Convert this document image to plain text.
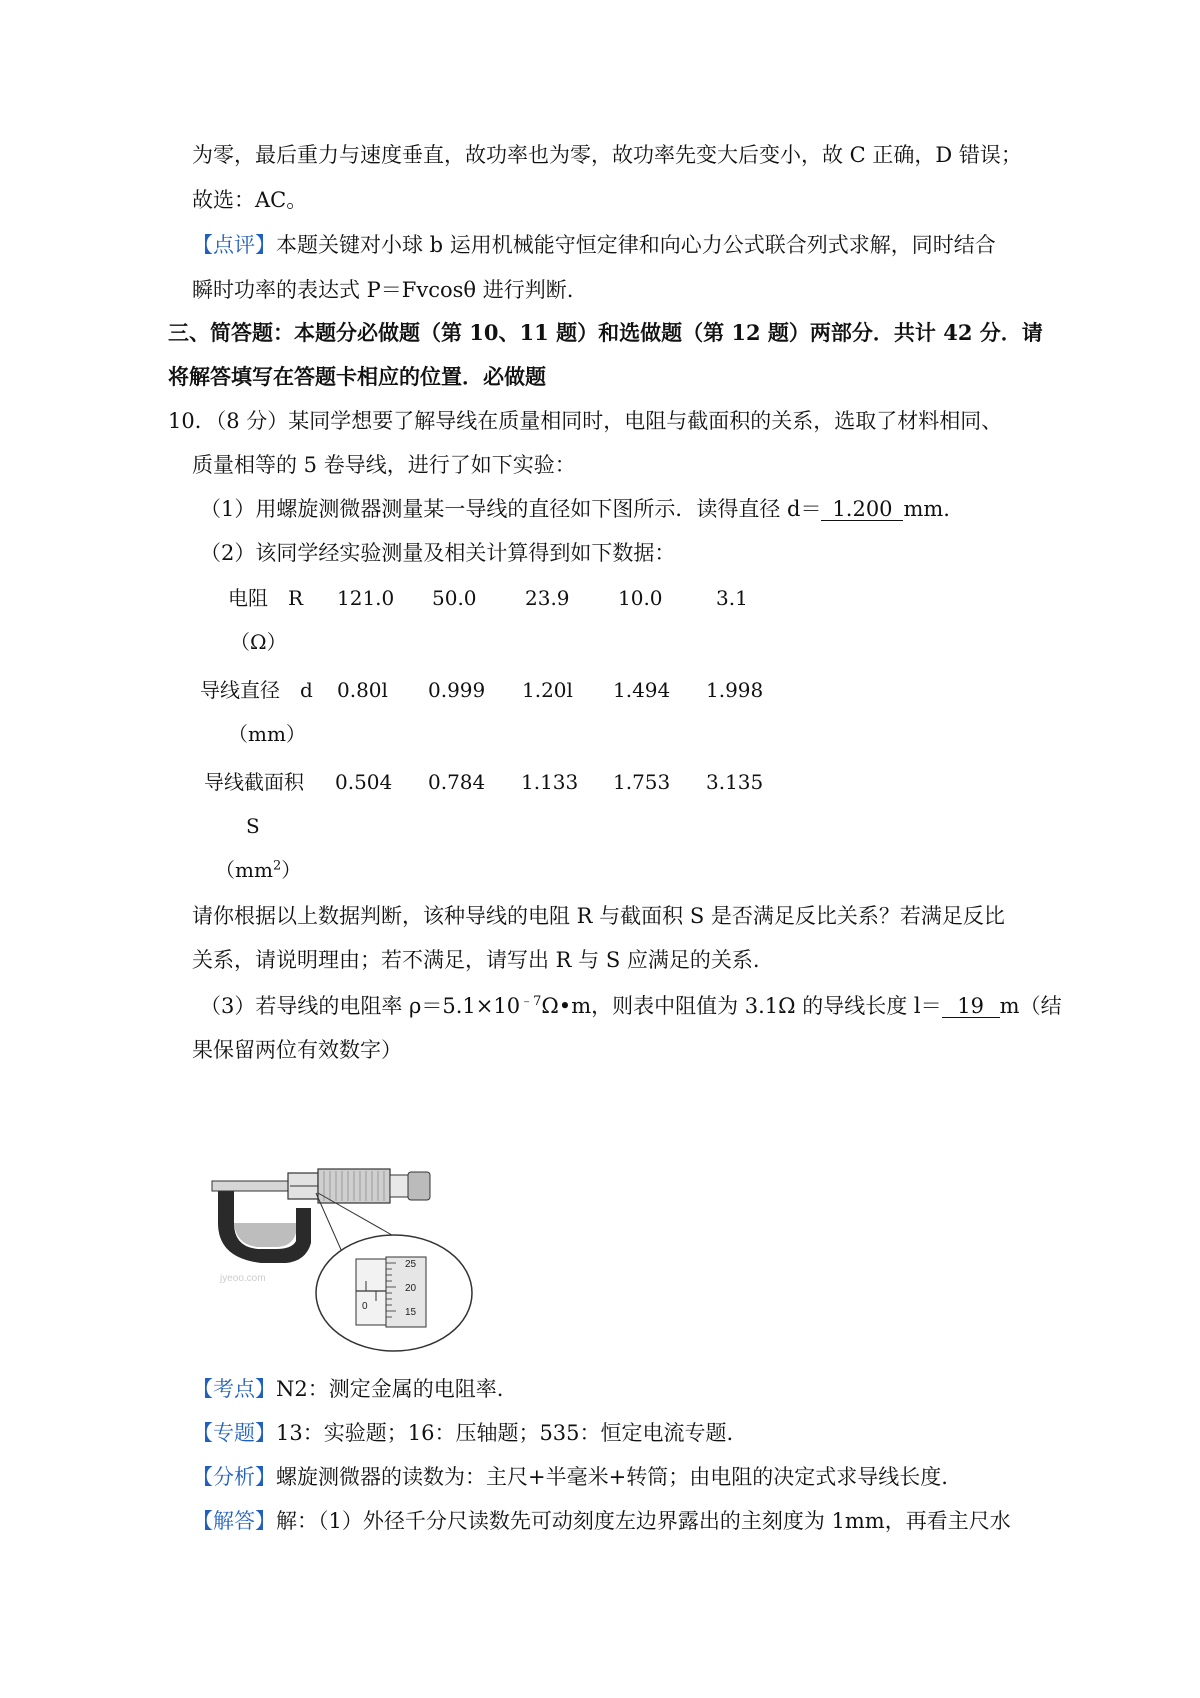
为零，最后重力与速度垂直，故功率也为零，故功率先变大后变小，故 C 正确，D 错误；
故选：AC。
【点评】本题关键对小球 b 运用机械能守恒定律和向心力公式联合列式求解，同时结合
瞬时功率的表达式 P＝Fvcosθ 进行判断.
三、简答题：本题分必做题（第 10、11 题）和选做题（第 12 题）两部分．共计 42 分．请
将解答填写在答题卡相应的位置．必做题
10．（8 分）某同学想要了解导线在质量相同时，电阻与截面积的关系，选取了材料相同、
质量相等的 5 卷导线，进行了如下实验：
（1）用螺旋测微器测量某一导线的直径如下图所示．读得直径 d＝ 1.200 mm.
（2）该同学经实验测量及相关计算得到如下数据：
电阻　R
（Ω）
121.0 50.0 23.9 10.0	3.1
导线直径　d
（mm）
0.80l 0.999 1.20l 1.494 1.998
导线截面积
S
$(mm^2)$
0.504 0.784 1.133 1.753 3.135
请你根据以上数据判断，该种导线的电阻 R 与截面积 S 是否满足反比关系？若满足反比
关系，请说明理由；若不满足，请写出 R 与 S 应满足的关系.
（3）若导线的电阻率 $\rho=5.1\times 10^{﹣7}\Omega•m$，则表中阻值为 3.1Ω 的导线长度 l＝ 19 m（结
果保留两位有效数字）
25
20
15
0
jyeoo.com
【考点】N2：测定金属的电阻率.
【专题】13：实验题；16：压轴题；535：恒定电流专题.
【分析】螺旋测微器的读数为：主尺+半毫米+转筒；由电阻的决定式求导线长度.
【解答】解：（1）外径千分尺读数先可动刻度左边界露出的主刻度为 1mm，再看主尺水
